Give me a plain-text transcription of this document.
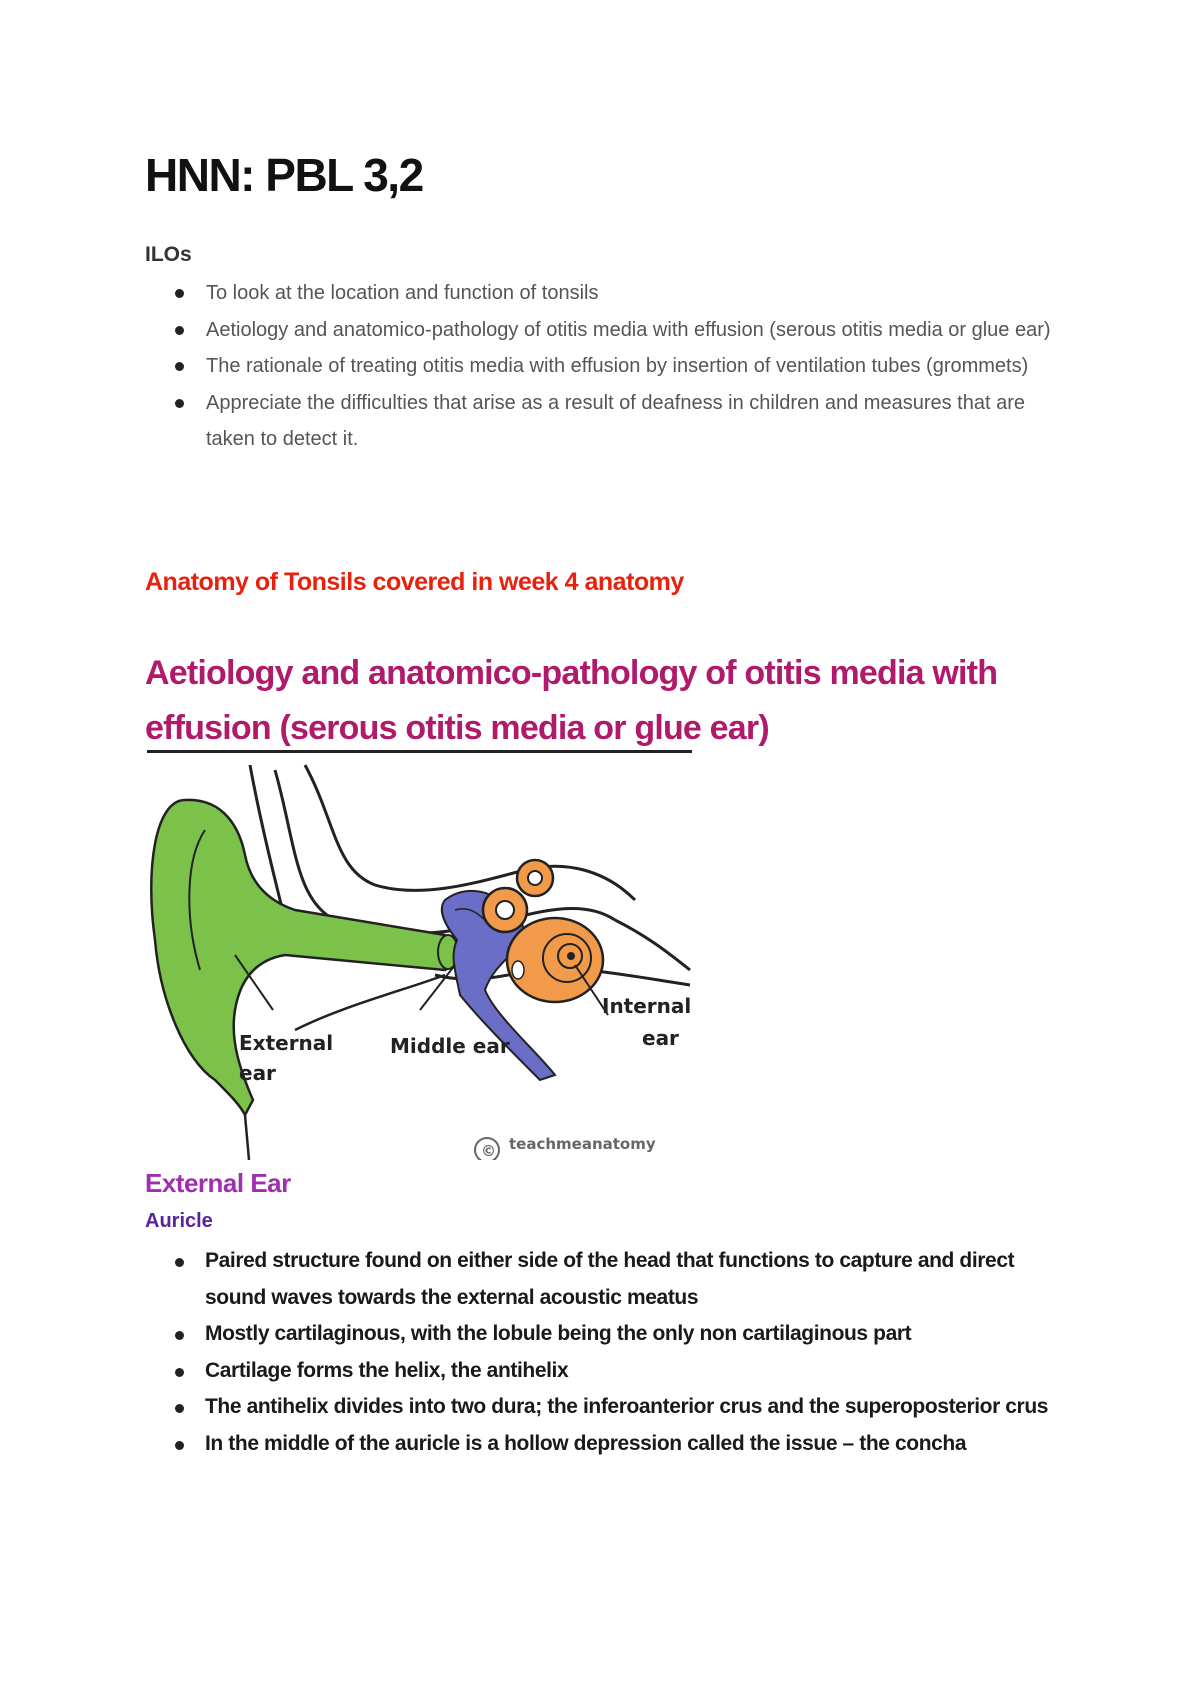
HNN: PBL 3,2
ILOs
To look at the location and function of tonsils
Aetiology and anatomico-pathology of otitis media with effusion (serous otitis media or glue ear)
The rationale of treating otitis media with effusion by insertion of ventilation tubes (grommets)
Appreciate the difficulties that arise as a result of deafness in children and measures that are taken to detect it.
Anatomy of Tonsils covered in week 4 anatomy
Aetiology and anatomico-pathology of otitis media with effusion (serous otitis media or glue ear)
External
ear
Middle ear
Internal
ear
© teachmeanatomy
External Ear
Auricle
Paired structure found on either side of the head that functions to capture and direct sound waves towards the external acoustic meatus
Mostly cartilaginous, with the lobule being the only non cartilaginous part
Cartilage forms the helix, the antihelix
The antihelix divides into two dura; the inferoanterior crus and the superoposterior crus
In the middle of the auricle is a hollow depression called the issue – the concha
